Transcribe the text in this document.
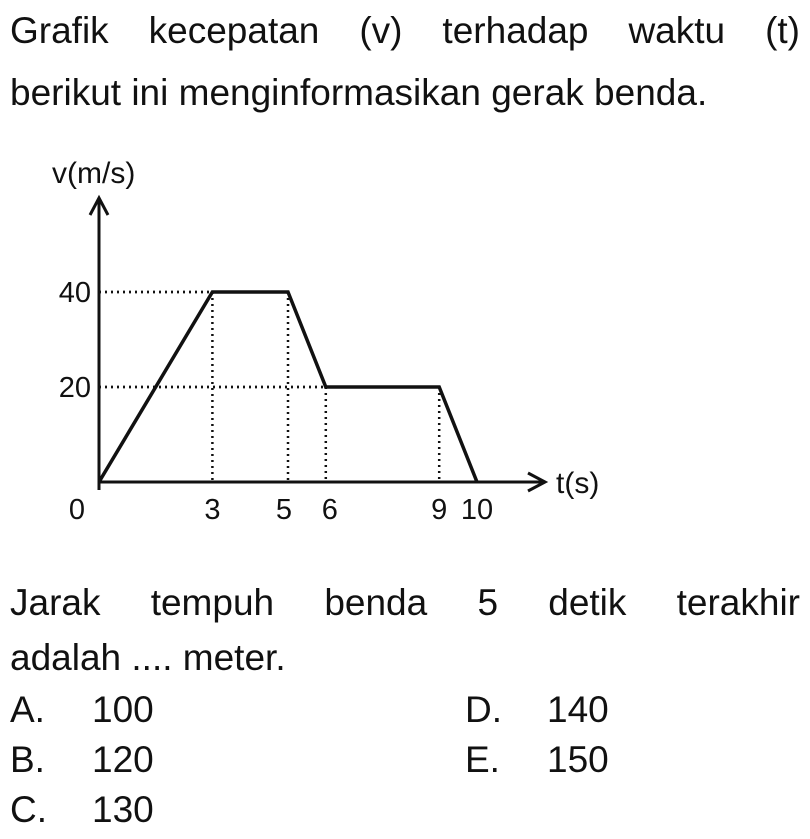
Grafik kecepatan (v) terhadap waktu (t)
berikut ini menginformasikan gerak benda.
0	3 5 6	9 10
20
40
v(m/s)
t(s)
Jarak tempuh benda 5 detik terakhir
adalah .... meter.
A. 100
B. 120
C. 130
D. 140
E. 150
